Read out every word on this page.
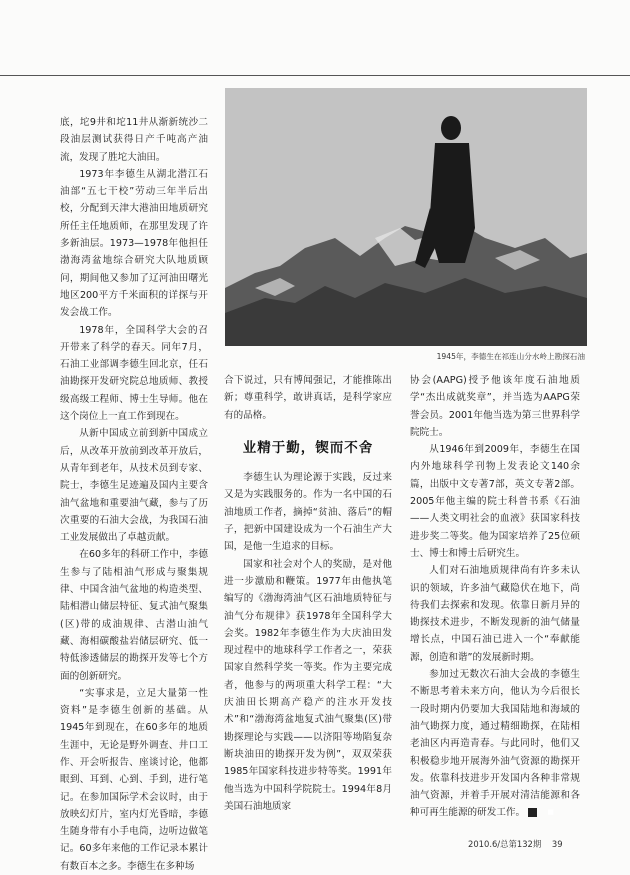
底，坨9井和坨11井从渐新统沙二段油层测试获得日产千吨高产油流，发现了胜坨大油田。

1973年李德生从湖北潜江石油部“五七干校”劳动三年半后出校，分配到天津大港油田地质研究所任主任地质师，在那里发现了许多新油层。1973—1978年他担任渤海湾盆地综合研究大队地质顾问，期间他又参加了辽河油田曙光地区200平方千米面积的详探与开发会战工作。

1978年，全国科学大会的召开带来了科学的春天。同年7月，石油工业部调李德生回北京，任石油勘探开发研究院总地质师、教授级高级工程师、博士生导师。他在这个岗位上一直工作到现在。

从新中国成立前到新中国成立后，从改革开放前到改革开放后，从青年到老年，从技术员到专家、院士，李德生足迹遍及国内主要含油气盆地和重要油气藏，参与了历次重要的石油大会战，为我国石油工业发展做出了卓越贡献。

在60多年的科研工作中，李德生参与了陆相油气形成与聚集规律、中国含油气盆地的构造类型、陆相潜山储层特征、复式油气聚集(区)带的成油规律、古潜山油气藏、海相碳酸盐岩储层研究、低一特低渗透储层的勘探开发等七个方面的创新研究。

“实事求是，立足大量第一性资料”是李德生创新的基础。从1945年到现在，在60多年的地质生涯中，无论是野外调查、井口工作、开会听报告、座谈讨论，他都眼到、耳到、心到、手到，进行笔记。在参加国际学术会议时，由于放映幻灯片，室内灯光昏暗，李德生随身带有小手电筒，边听边做笔记。60多年来他的工作记录本累计有数百本之多。李德生在多种场

1945年，李德生在祁连山分水岭上勘探石油

合下说过，只有博闻强记，才能推陈出新；尊重科学，敢讲真话，是科学家应有的品格。

业精于勤，锲而不舍

李德生认为理论源于实践，反过来又是为实践服务的。作为一名中国的石油地质工作者，摘掉“贫油、落后”的帽子，把新中国建设成为一个石油生产大国，是他一生追求的目标。

国家和社会对个人的奖励，是对他进一步激励和鞭策。1977年由他执笔编写的《渤海湾油气区石油地质特征与油气分布规律》获1978年全国科学大会奖。1982年李德生作为大庆油田发现过程中的地球科学工作者之一，荣获国家自然科学奖一等奖。作为主要完成者，他参与的两项重大科学工程：“大庆油田长期高产稳产的注水开发技术”和“渤海湾盆地复式油气聚集(区)带勘探理论与实践——以济阳等坳陷复杂断块油田的勘探开发为例”，双双荣获1985年国家科技进步特等奖。1991年他当选为中国科学院院士。1994年8月美国石油地质家

协会(AAPG)授予他该年度石油地质学“杰出成就奖章”，并当选为AAPG荣誉会员。2001年他当选为第三世界科学院院士。

从1946年到2009年，李德生在国内外地球科学刊物上发表论文140余篇，出版中文专著7部，英文专著2部。2005年他主编的院士科普书系《石油——人类文明社会的血液》获国家科技进步奖二等奖。他为国家培养了25位硕士、博士和博士后研究生。

人们对石油地质规律尚有许多未认识的领域，许多油气藏隐伏在地下，尚待我们去探索和发现。依靠日新月异的勘探技术进步，不断发现新的油气储量增长点，中国石油已进入一个“奉献能源，创造和谐”的发展新时期。

参加过无数次石油大会战的李德生不断思考着未来方向，他认为今后很长一段时期内仍要加大我国陆地和海域的油气勘探力度，通过精细勘探，在陆相老油区内再造青春。与此同时，他们又积极稳步地开展海外油气资源的勘探开发。依靠科技进步开发国内各种非常规油气资源，并着手开展对清洁能源和各种可再生能源的研发工作。	■

2010.6/总第132期 39
